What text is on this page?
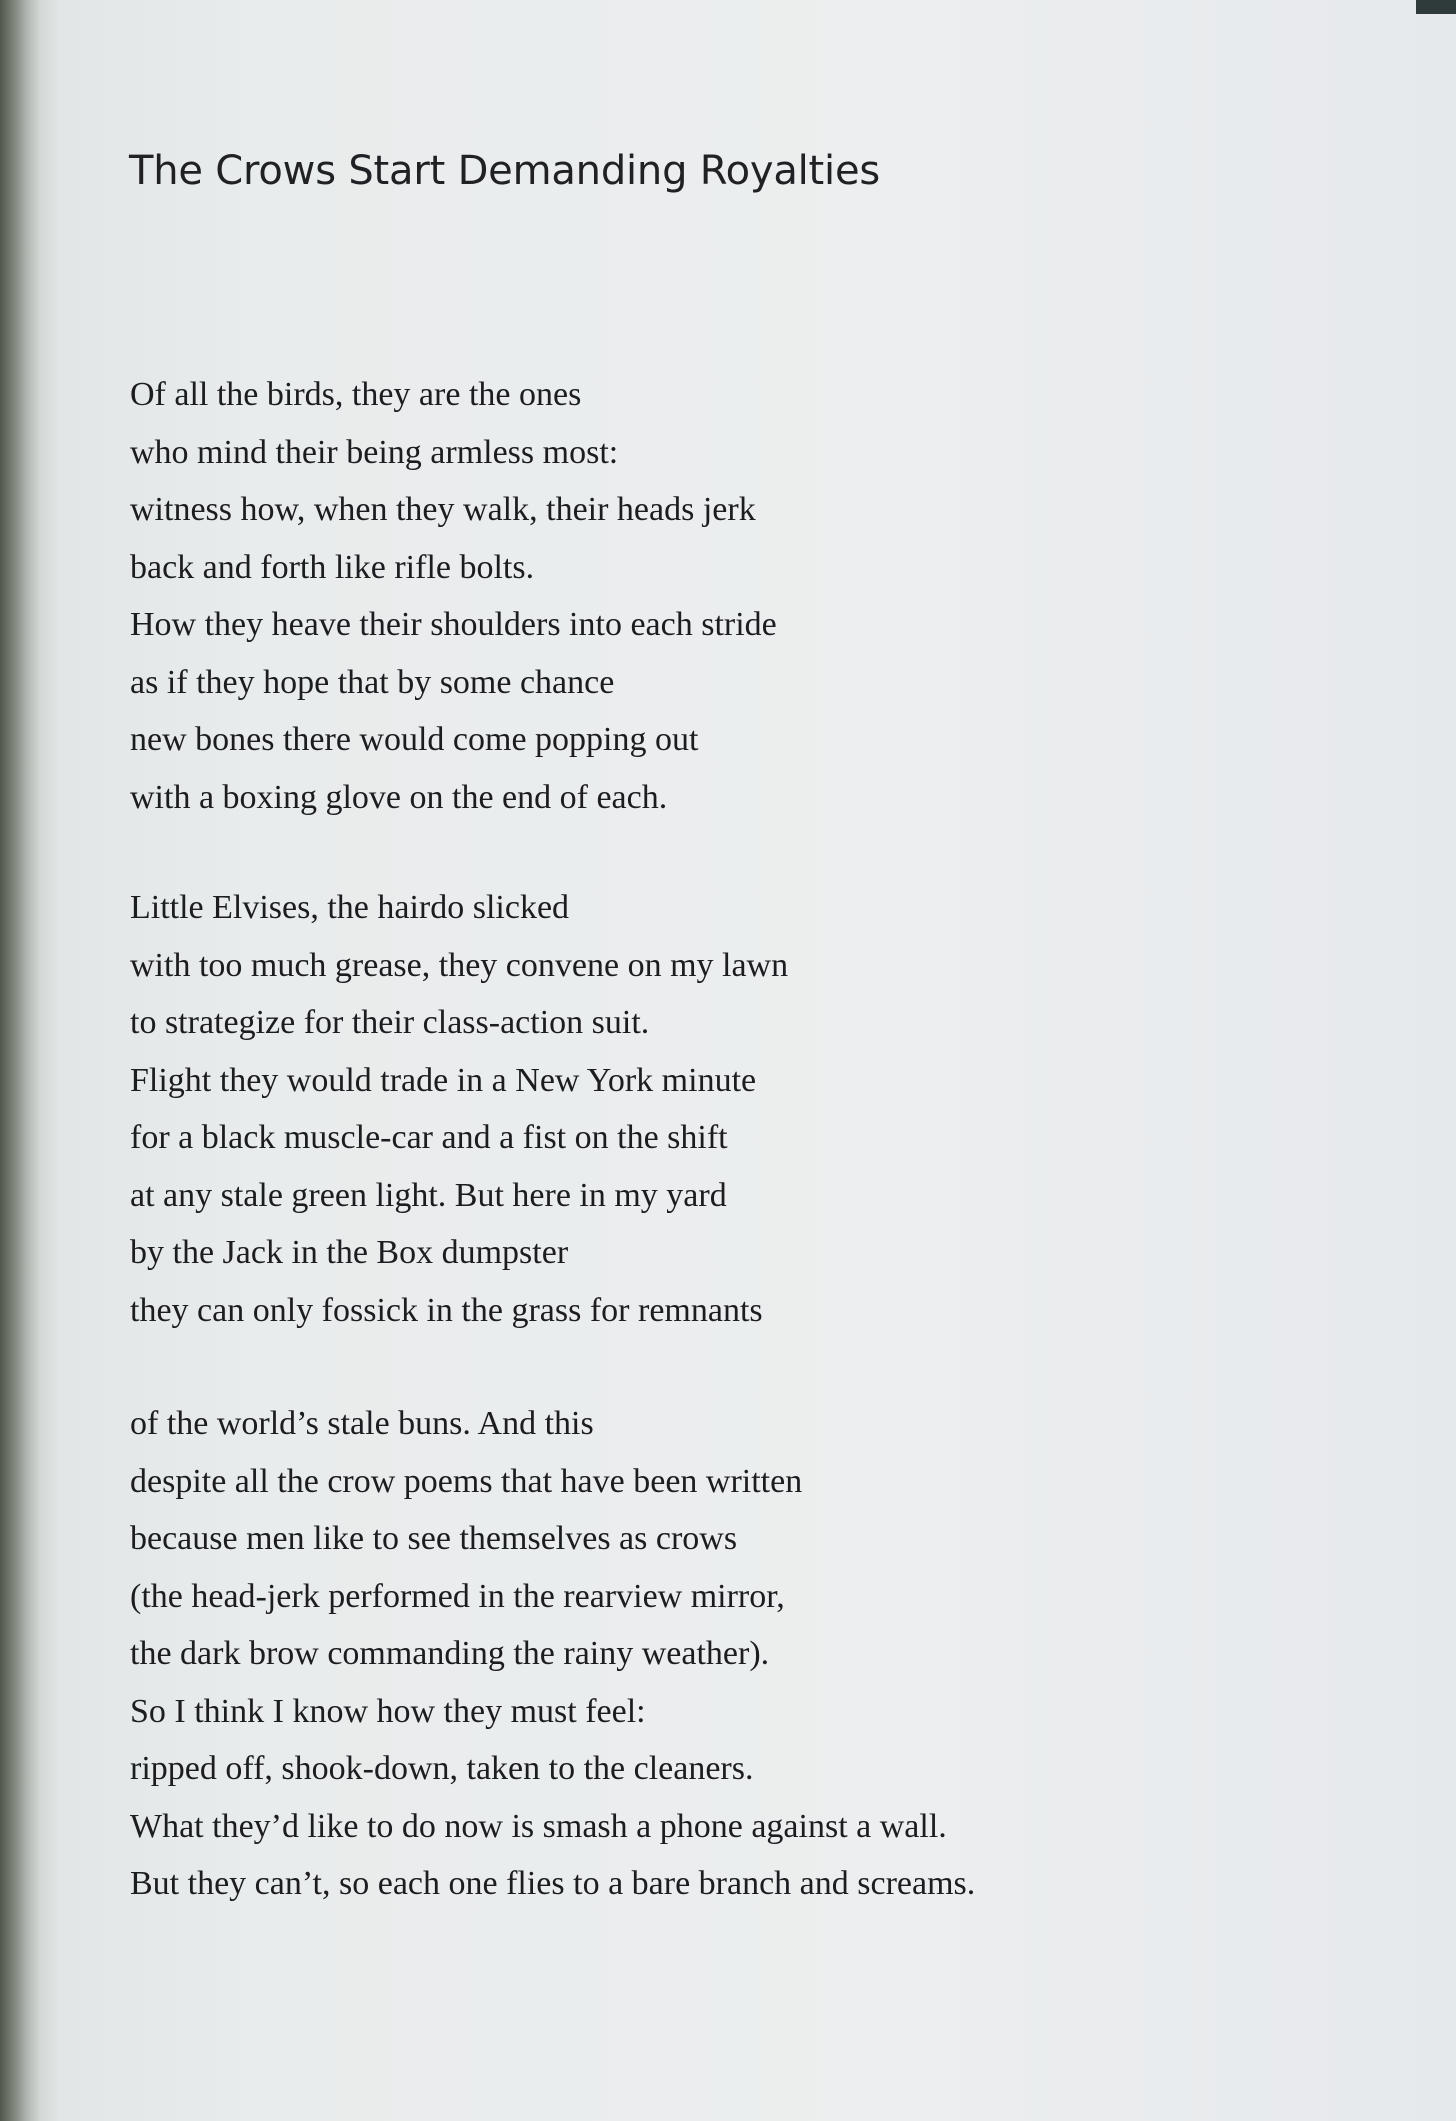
The Crows Start Demanding Royalties
Of all the birds, they are the ones
who mind their being armless most:
witness how, when they walk, their heads jerk
back and forth like rifle bolts.
How they heave their shoulders into each stride
as if they hope that by some chance
new bones there would come popping out
with a boxing glove on the end of each.
Little Elvises, the hairdo slicked
with too much grease, they convene on my lawn
to strategize for their class-action suit.
Flight they would trade in a New York minute
for a black muscle-car and a fist on the shift
at any stale green light. But here in my yard
by the Jack in the Box dumpster
they can only fossick in the grass for remnants
of the world’s stale buns. And this
despite all the crow poems that have been written
because men like to see themselves as crows
(the head-jerk performed in the rearview mirror,
the dark brow commanding the rainy weather).
So I think I know how they must feel:
ripped off, shook-down, taken to the cleaners.
What they’d like to do now is smash a phone against a wall.
But they can’t, so each one flies to a bare branch and screams.
